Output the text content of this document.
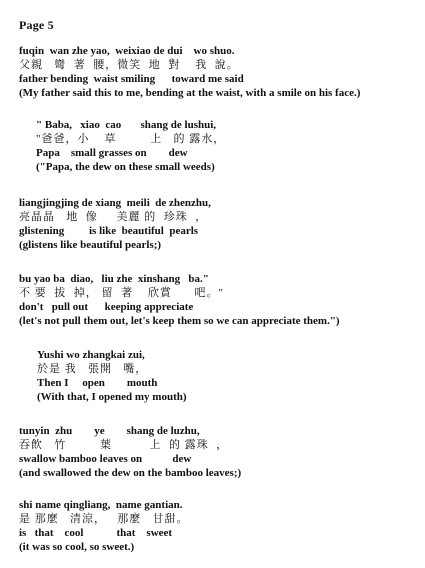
Page 5
fuqin  wan zhe yao,  weixiao de dui    wo shuo.
父親   彎  著  腰，微笑  地  對    我  說。
father bending  waist smiling      toward me said
(My father said this to me, bending at the waist, with a smile on his face.)
" Baba,   xiao  cao       shang de lushui,
"爸爸，小    草         上   的 露水，
Papa    small grasses on        dew
("Papa, the dew on these small weeds)
liangjingjing de xiang  meili  de zhenzhu,
亮晶晶   地  像     美麗 的  珍珠  ，
glistening         is like  beautiful  pearls
(glistens like beautiful pearls;)
bu yao ba  diao,   liu zhe  xinshang   ba."
不 要  拔  掉， 留  著    欣賞      吧。"
don't   pull out      keeping appreciate
(let's not pull them out, let's keep them so we can appreciate them.")
Yushi wo zhangkai zui,
於是 我   張開   嘴，
Then I     open        mouth
(With that, I opened my mouth)
tunyin  zhu        ye        shang de luzhu,
吞飲   竹         葉          上  的 露珠  ，
swallow bamboo leaves on           dew
(and swallowed the dew on the bamboo leaves;)
shi name qingliang,  name gantian.
是 那麼   清涼，   那麼   甘甜。
is   that    cool            that    sweet
(it was so cool, so sweet.)
